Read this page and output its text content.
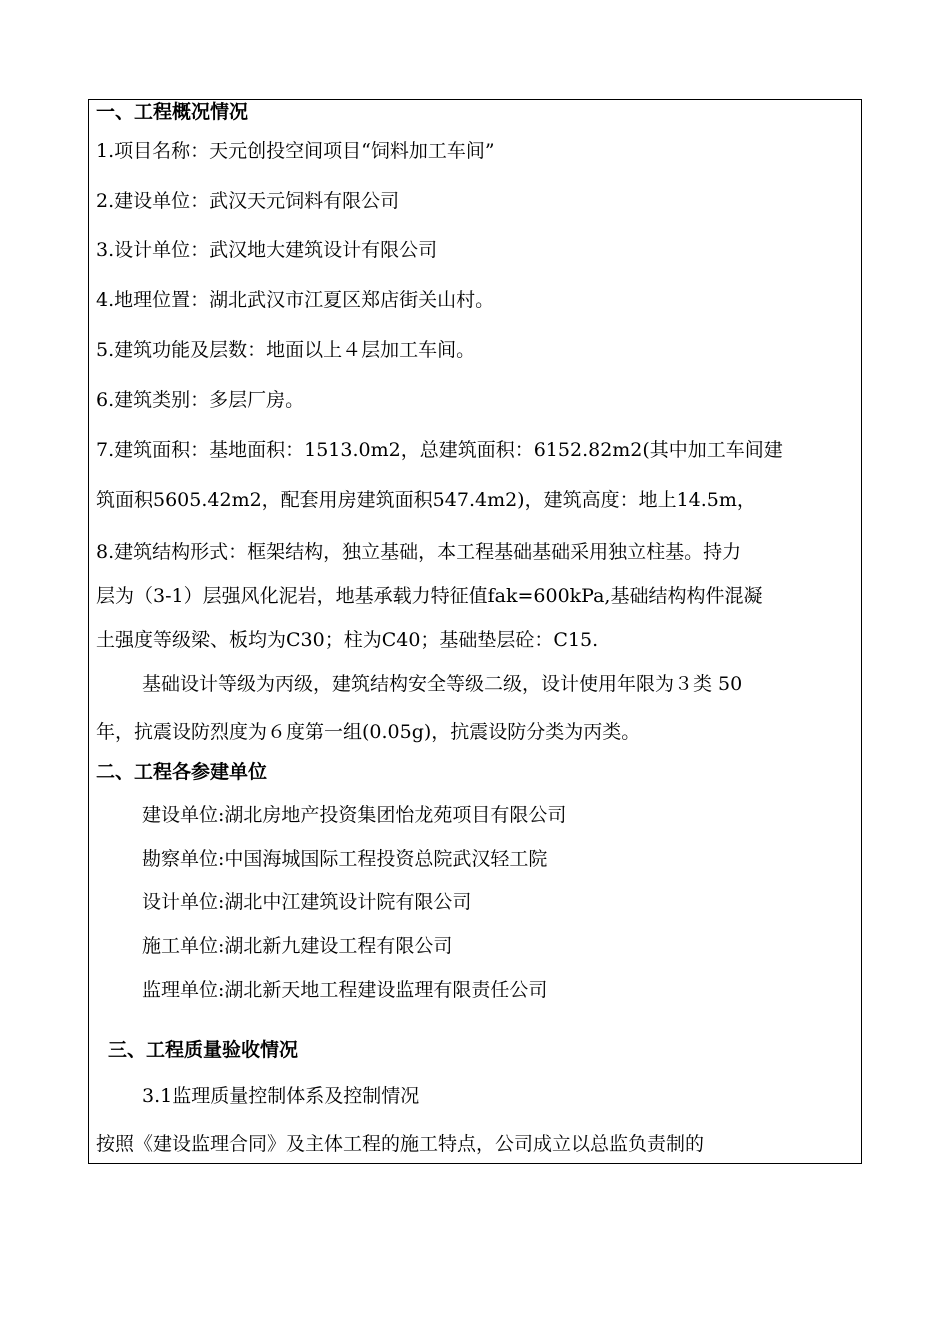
一、工程概况情况
1.项目名称：天元创投空间项目“饲料加工车间”
2.建设单位：武汉天元饲料有限公司
3.设计单位：武汉地大建筑设计有限公司
4.地理位置：湖北武汉市江夏区郑店街关山村。
5.建筑功能及层数：地面以上４层加工车间。
6.建筑类别：多层厂房。
7.建筑面积：基地面积：1513.0m2，总建筑面积：6152.82m2(其中加工车间建
筑面积5605.42m2，配套用房建筑面积547.4m2)，建筑高度：地上14.5m，
8.建筑结构形式：框架结构，独立基础，本工程基础基础采用独立柱基。持力
层为（3-1）层强风化泥岩，地基承载力特征值fak=600kPa,基础结构构件混凝
土强度等级梁、板均为C30；柱为C40；基础垫层砼：C15.
基础设计等级为丙级，建筑结构安全等级二级，设计使用年限为３类 50
年，抗震设防烈度为６度第一组(0.05g)，抗震设防分类为丙类。
二、工程各参建单位
建设单位:湖北房地产投资集团怡龙苑项目有限公司
勘察单位:中国海城国际工程投资总院武汉轻工院
设计单位:湖北中江建筑设计院有限公司
施工单位:湖北新九建设工程有限公司
监理单位:湖北新天地工程建设监理有限责任公司
三、工程质量验收情况
3.1监理质量控制体系及控制情况
按照《建设监理合同》及主体工程的施工特点，公司成立以总监负责制的
